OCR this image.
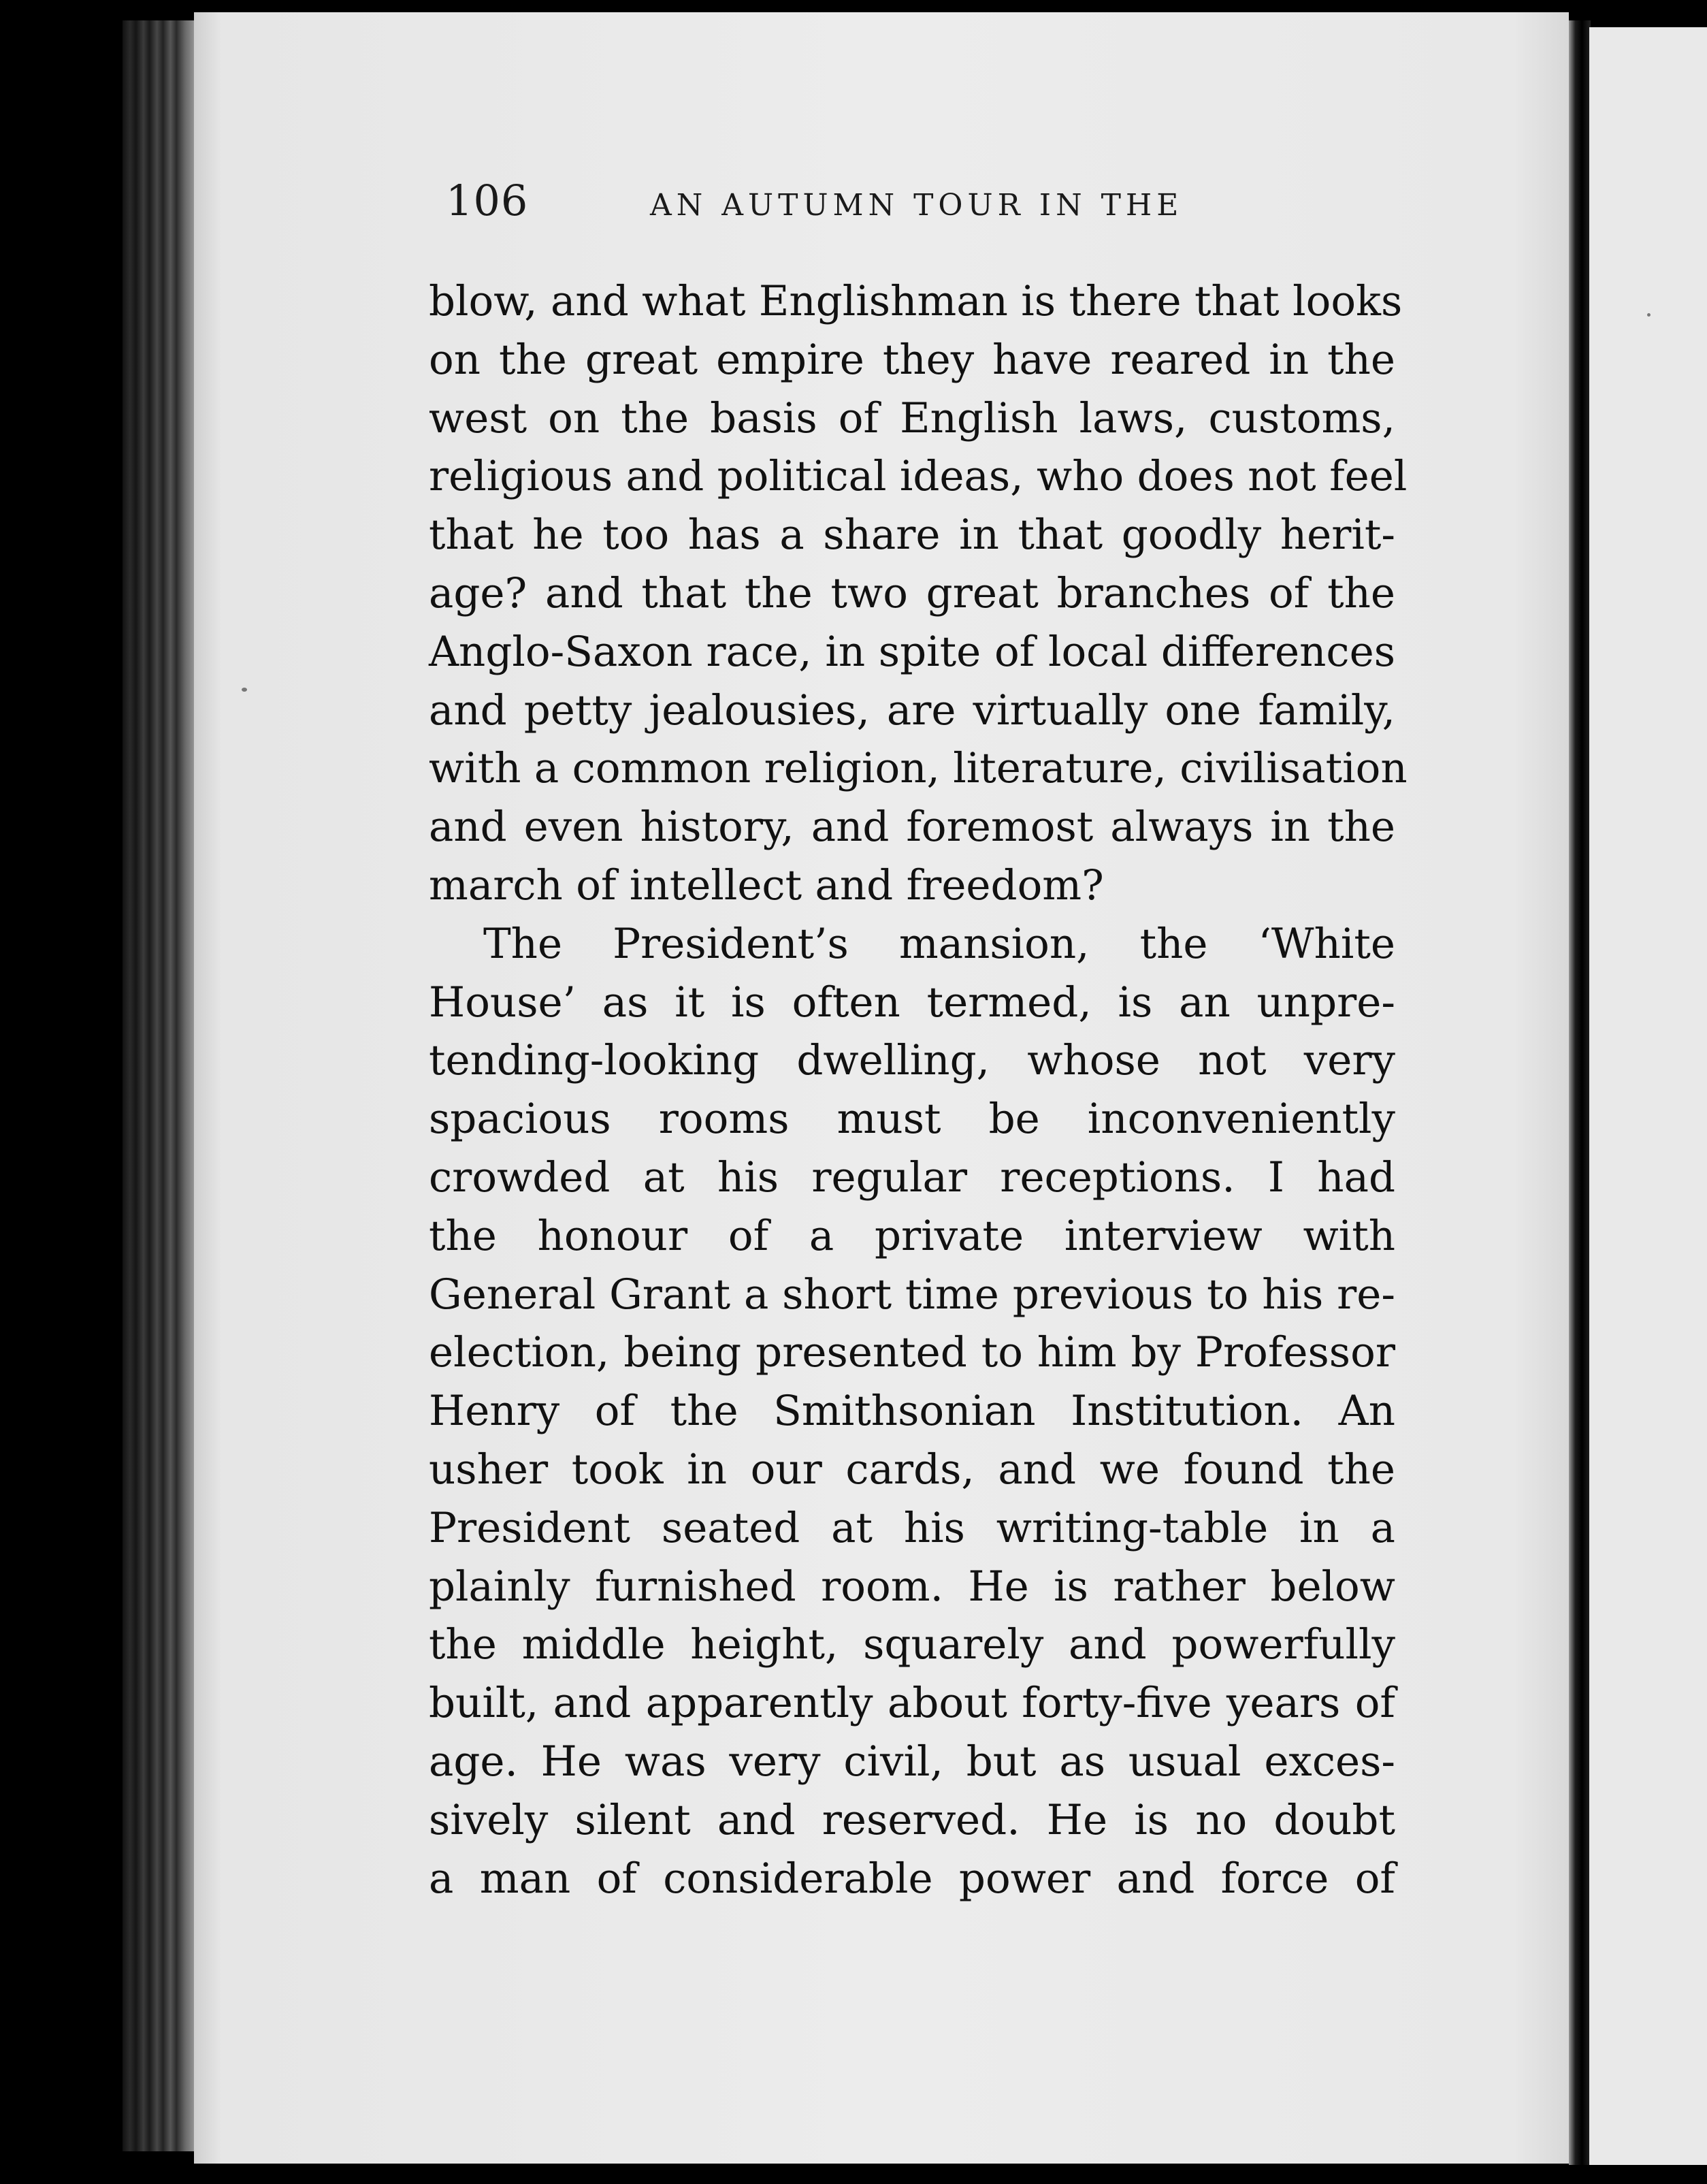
106	AN AUTUMN TOUR IN THE
blow, and what Englishman is there that looks
on the great empire they have reared in the
west on the basis of English laws, customs,
religious and political ideas, who does not feel
that he too has a share in that goodly herit-
age? and that the two great branches of the
Anglo-Saxon race, in spite of local differences
and petty jealousies, are virtually one family,
with a common religion, literature, civilisation
and even history, and foremost always in the
march of intellect and freedom?
The President’s mansion, the ‘White
House’ as it is often termed, is an unpre-
tending-looking dwelling, whose not very
spacious rooms must be inconveniently
crowded at his regular receptions. I had
the honour of a private interview with
General Grant a short time previous to his re-
election, being presented to him by Professor
Henry of the Smithsonian Institution. An
usher took in our cards, and we found the
President seated at his writing-table in a
plainly furnished room. He is rather below
the middle height, squarely and powerfully
built, and apparently about forty-five years of
age. He was very civil, but as usual exces-
sively silent and reserved. He is no doubt
a man of considerable power and force of
